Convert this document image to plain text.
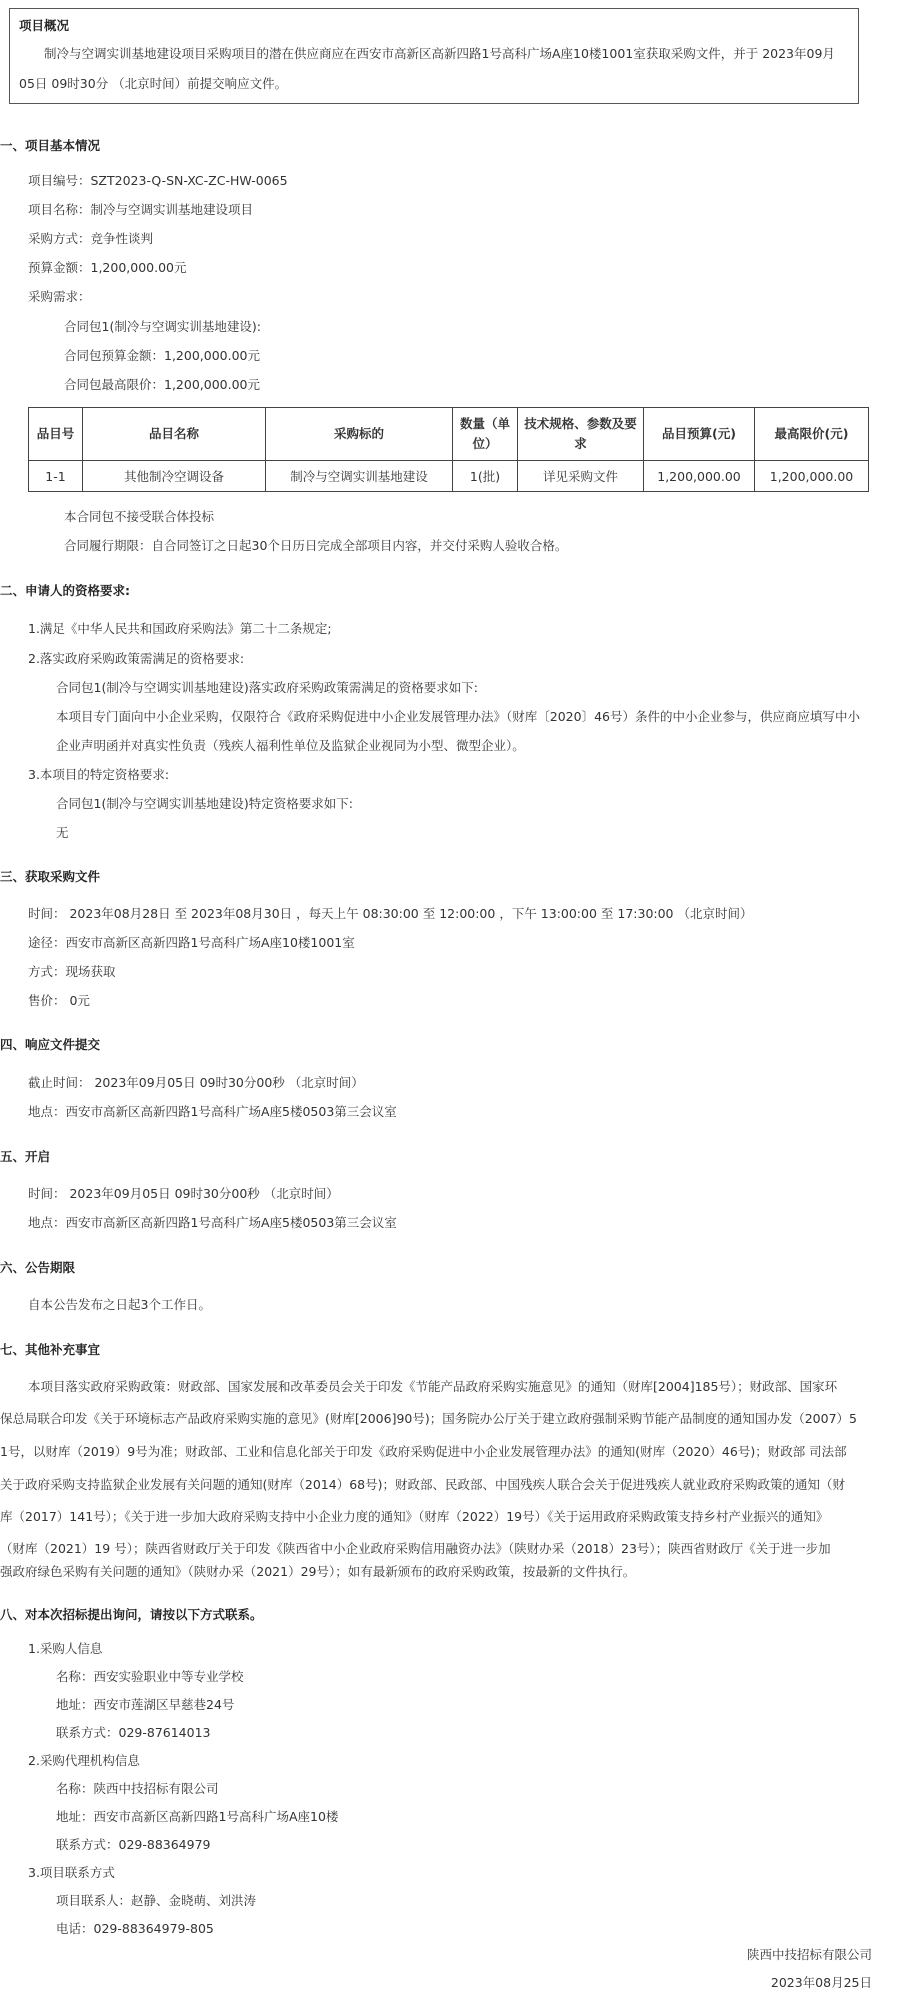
项目概况
制冷与空调实训基地建设项目采购项目的潜在供应商应在西安市高新区高新四路1号高科广场A座10楼1001室获取采购文件，并于 2023年09月05日 09时30分 （北京时间）前提交响应文件。
一、项目基本情况
项目编号：SZT2023-Q-SN-XC-ZC-HW-0065
项目名称：制冷与空调实训基地建设项目
采购方式：竞争性谈判
预算金额：1,200,000.00元
采购需求：
合同包1(制冷与空调实训基地建设):
合同包预算金额：1,200,000.00元
合同包最高限价：1,200,000.00元
品目号	品目名称	采购标的	数量（单位）	技术规格、参数及要求	品目预算(元)	最高限价(元)
1-1	其他制冷空调设备	制冷与空调实训基地建设	1(批)	详见采购文件	1,200,000.00	1,200,000.00
本合同包不接受联合体投标
合同履行期限：自合同签订之日起30个日历日完成全部项目内容，并交付采购人验收合格。
二、申请人的资格要求:
1.满足《中华人民共和国政府采购法》第二十二条规定;
2.落实政府采购政策需满足的资格要求:
合同包1(制冷与空调实训基地建设)落实政府采购政策需满足的资格要求如下:
本项目专门面向中小企业采购，仅限符合《政府采购促进中小企业发展管理办法》（财库〔2020〕46号）条件的中小企业参与，供应商应填写中小
企业声明函并对真实性负责（残疾人福利性单位及监狱企业视同为小型、微型企业）。
3.本项目的特定资格要求:
合同包1(制冷与空调实训基地建设)特定资格要求如下:
无
三、获取采购文件
时间： 2023年08月28日 至 2023年08月30日 ，每天上午 08:30:00 至 12:00:00 ，下午 13:00:00 至 17:30:00 （北京时间）
途径：西安市高新区高新四路1号高科广场A座10楼1001室
方式：现场获取
售价： 0元
四、响应文件提交
截止时间： 2023年09月05日 09时30分00秒 （北京时间）
地点：西安市高新区高新四路1号高科广场A座5楼0503第三会议室
五、开启
时间： 2023年09月05日 09时30分00秒 （北京时间）
地点：西安市高新区高新四路1号高科广场A座5楼0503第三会议室
六、公告期限
自本公告发布之日起3个工作日。
七、其他补充事宜
本项目落实政府采购政策：财政部、国家发展和改革委员会关于印发《节能产品政府采购实施意见》的通知（财库[2004]185号）；财政部、国家环
保总局联合印发《关于环境标志产品政府采购实施的意见》(财库[2006]90号)；国务院办公厅关于建立政府强制采购节能产品制度的通知国办发（2007）5
1号，以财库（2019）9号为准；财政部、工业和信息化部关于印发《政府采购促进中小企业发展管理办法》的通知(财库（2020）46号)；财政部 司法部
关于政府采购支持监狱企业发展有关问题的通知(财库（2014）68号)；财政部、民政部、中国残疾人联合会关于促进残疾人就业政府采购政策的通知（财
库（2017）141号）；《关于进一步加大政府采购支持中小企业力度的通知》（财库（2022）19号）《关于运用政府采购政策支持乡村产业振兴的通知》
（财库（2021）19 号）；陕西省财政厅关于印发《陕西省中小企业政府采购信用融资办法》（陕财办采（2018）23号）；陕西省财政厅《关于进一步加
强政府绿色采购有关问题的通知》（陕财办采（2021）29号）；如有最新颁布的政府采购政策，按最新的文件执行。
八、对本次招标提出询问，请按以下方式联系。
1.采购人信息
名称：西安实验职业中等专业学校
地址：西安市莲湖区早慈巷24号
联系方式：029-87614013
2.采购代理机构信息
名称：陕西中技招标有限公司
地址：西安市高新区高新四路1号高科广场A座10楼
联系方式：029-88364979
3.项目联系方式
项目联系人：赵静、金晓萌、刘洪涛
电话：029-88364979-805
陕西中技招标有限公司
2023年08月25日
